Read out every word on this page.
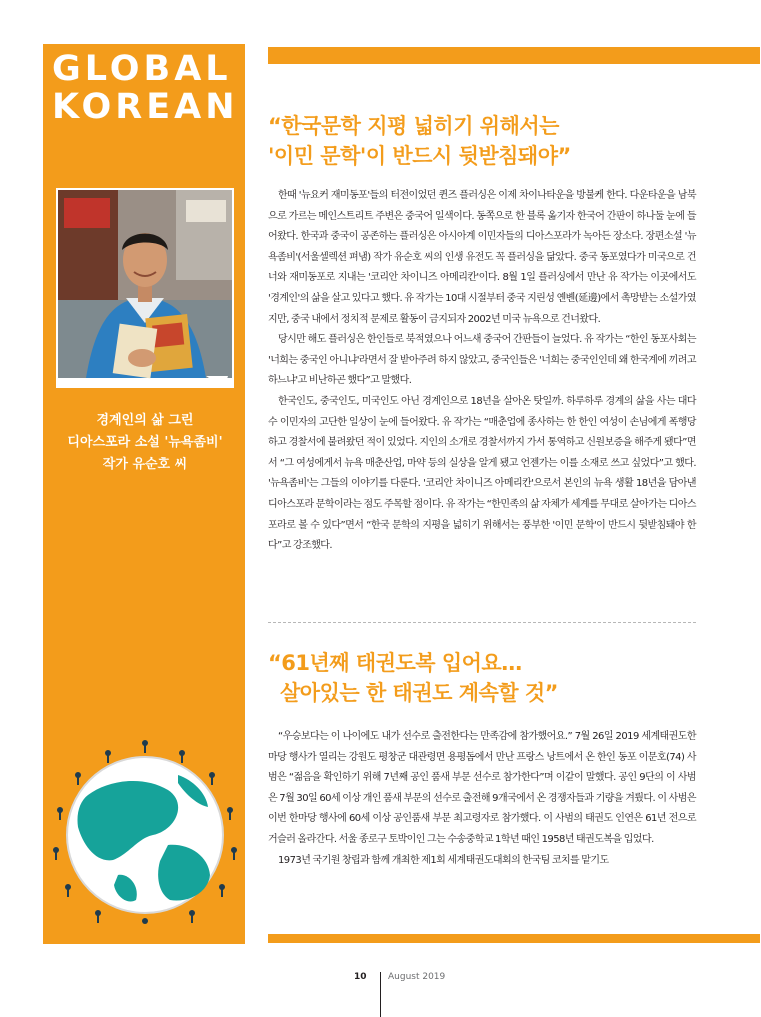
GLOBAL
KOREAN
경계인의 삶 그린
디아스포라 소설 '뉴욕좀비'
작가 유순호 씨
“한국문학 지평 넓히기 위해서는
'이민 문학'이 반드시 뒷받침돼야”

한때 '뉴요커 재미동포'들의 터전이었던 퀸즈 플러싱은 이제 차이나타운을 방불케 한다. 다운타운을 남북으로 가르는 메인스트리트 주변은 중국어 일색이다. 동쪽으로 한 블록 옮기자 한국어 간판이 하나둘 눈에 들어왔다. 한국과 중국이 공존하는 플러싱은 아시아계 이민자들의 디아스포라가 녹아든 장소다. 장편소설 '뉴욕좀비'(서울셀렉션 펴냄) 작가 유순호 씨의 인생 유전도 꼭 플러싱을 닮았다. 중국 동포였다가 미국으로 건너와 재미동포로 지내는 '코리안 차이니즈 아메리칸'이다. 8월 1일 플러싱에서 만난 유 작가는 이곳에서도 '경계인'의 삶을 살고 있다고 했다. 유 작가는 10대 시절부터 중국 지린성 옌볜(延邊)에서 촉망받는 소설가였지만, 중국 내에서 정치적 문제로 활동이 금지되자 2002년 미국 뉴욕으로 건너왔다.

당시만 해도 플러싱은 한인들로 북적였으나 어느새 중국어 간판들이 늘었다. 유 작가는 “한인 동포사회는 '너희는 중국인 아니냐'라면서 잘 받아주려 하지 않았고, 중국인들은 '너희는 중국인인데 왜 한국계에 끼려고 하느냐'고 비난하곤 했다”고 말했다.

한국인도, 중국인도, 미국인도 아닌 경계인으로 18년을 살아온 탓일까. 하루하루 경계의 삶을 사는 대다수 이민자의 고단한 일상이 눈에 들어왔다. 유 작가는 “매춘업에 종사하는 한 한인 여성이 손님에게 폭행당하고 경찰서에 불려왔던 적이 있었다. 지인의 소개로 경찰서까지 가서 통역하고 신원보증을 해주게 됐다”면서 “그 여성에게서 뉴욕 매춘산업, 마약 등의 실상을 알게 됐고 언젠가는 이를 소재로 쓰고 싶었다”고 했다. '뉴욕좀비'는 그들의 이야기를 다룬다. '코리안 차이니즈 아메리칸'으로서 본인의 뉴욕 생활 18년을 담아낸 디아스포라 문학이라는 점도 주목할 점이다. 유 작가는 “한민족의 삶 자체가 세계를 무대로 살아가는 디아스포라로 볼 수 있다”면서 “한국 문학의 지평을 넓히기 위해서는 풍부한 '이민 문학'이 반드시 뒷받침돼야 한다”고 강조했다.

“61년째 태권도복 입어요…
살아있는 한 태권도 계속할 것”

“우승보다는 이 나이에도 내가 선수로 출전한다는 만족감에 참가했어요.” 7월 26일 2019 세계태권도한마당 행사가 열리는 강원도 평창군 대관령면 용평돔에서 만난 프랑스 낭트에서 온 한인 동포 이문호(74) 사범은 “젊음을 확인하기 위해 7년째 공인 품새 부문 선수로 참가한다”며 이같이 말했다. 공인 9단의 이 사범은 7월 30일 60세 이상 개인 품새 부문의 선수로 출전해 9개국에서 온 경쟁자들과 기량을 겨뤘다. 이 사범은 이번 한마당 행사에 60세 이상 공인품새 부문 최고령자로 참가했다. 이 사범의 태권도 인연은 61년 전으로 거슬러 올라간다. 서울 종로구 토박이인 그는 수송중학교 1학년 때인 1958년 태권도복을 입었다.

1973년 국기원 창립과 함께 개최한 제1회 세계태권도대회의 한국팀 코치를 맡기도

10 August 2019
